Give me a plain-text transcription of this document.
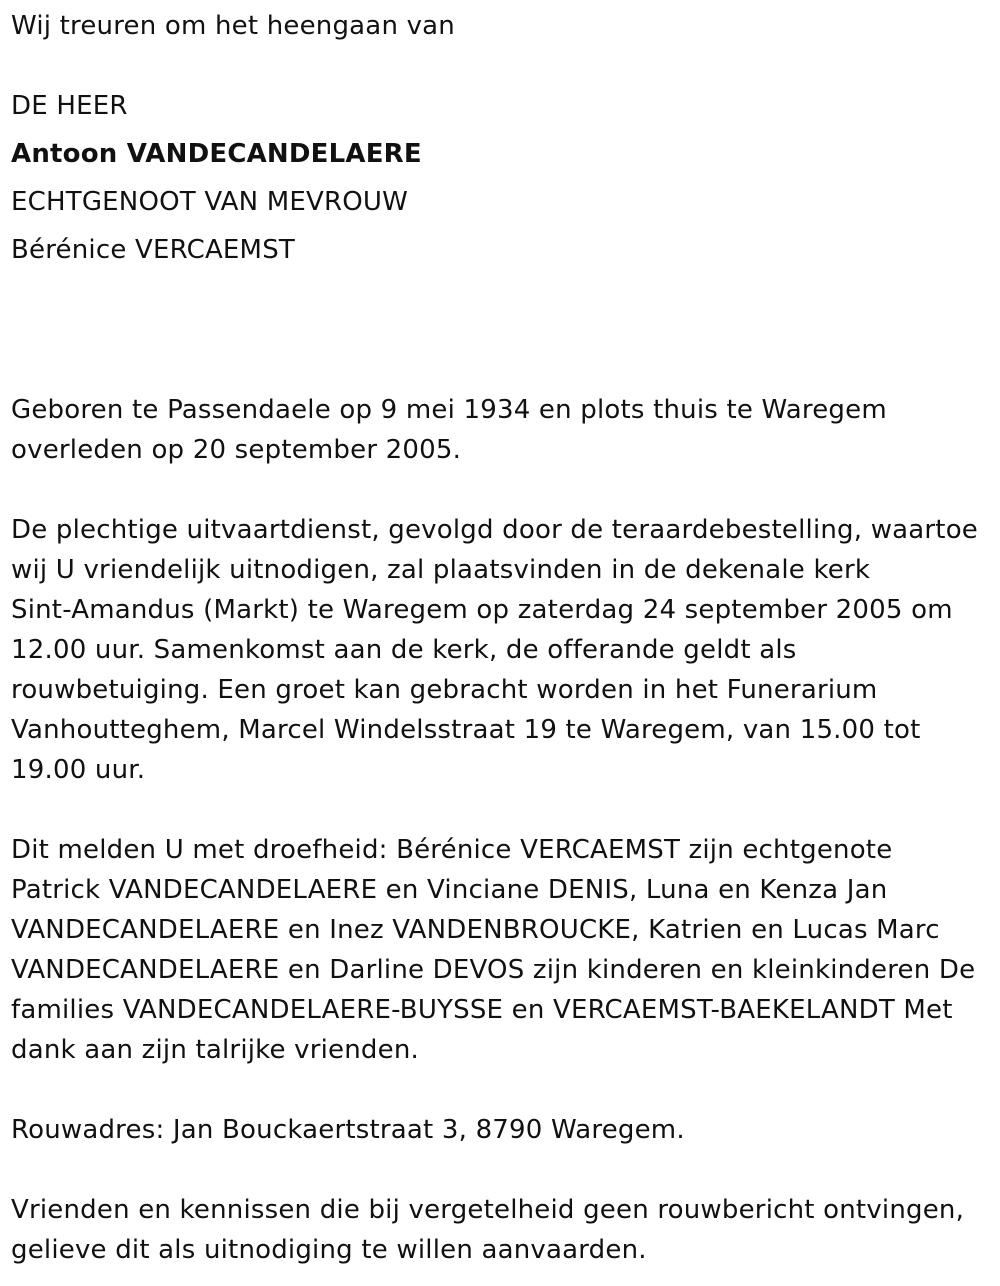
Wij treuren om het heengaan van
DE HEER
Antoon VANDECANDELAERE
ECHTGENOOT VAN MEVROUW
Bérénice VERCAEMST
Geboren te Passendaele op 9 mei 1934 en plots thuis te Waregem
overleden op 20 september 2005.
De plechtige uitvaartdienst, gevolgd door de teraardebestelling, waartoe
wij U vriendelijk uitnodigen, zal plaatsvinden in de dekenale kerk
Sint-Amandus (Markt) te Waregem op zaterdag 24 september 2005 om
12.00 uur. Samenkomst aan de kerk, de offerande geldt als
rouwbetuiging. Een groet kan gebracht worden in het Funerarium
Vanhoutteghem, Marcel Windelsstraat 19 te Waregem, van 15.00 tot
19.00 uur.
Dit melden U met droefheid: Bérénice VERCAEMST zijn echtgenote
Patrick VANDECANDELAERE en Vinciane DENIS, Luna en Kenza Jan
VANDECANDELAERE en Inez VANDENBROUCKE, Katrien en Lucas Marc
VANDECANDELAERE en Darline DEVOS zijn kinderen en kleinkinderen De
families VANDECANDELAERE-BUYSSE en VERCAEMST-BAEKELANDT Met
dank aan zijn talrijke vrienden.
Rouwadres: Jan Bouckaertstraat 3, 8790 Waregem.
Vrienden en kennissen die bij vergetelheid geen rouwbericht ontvingen,
gelieve dit als uitnodiging te willen aanvaarden.
